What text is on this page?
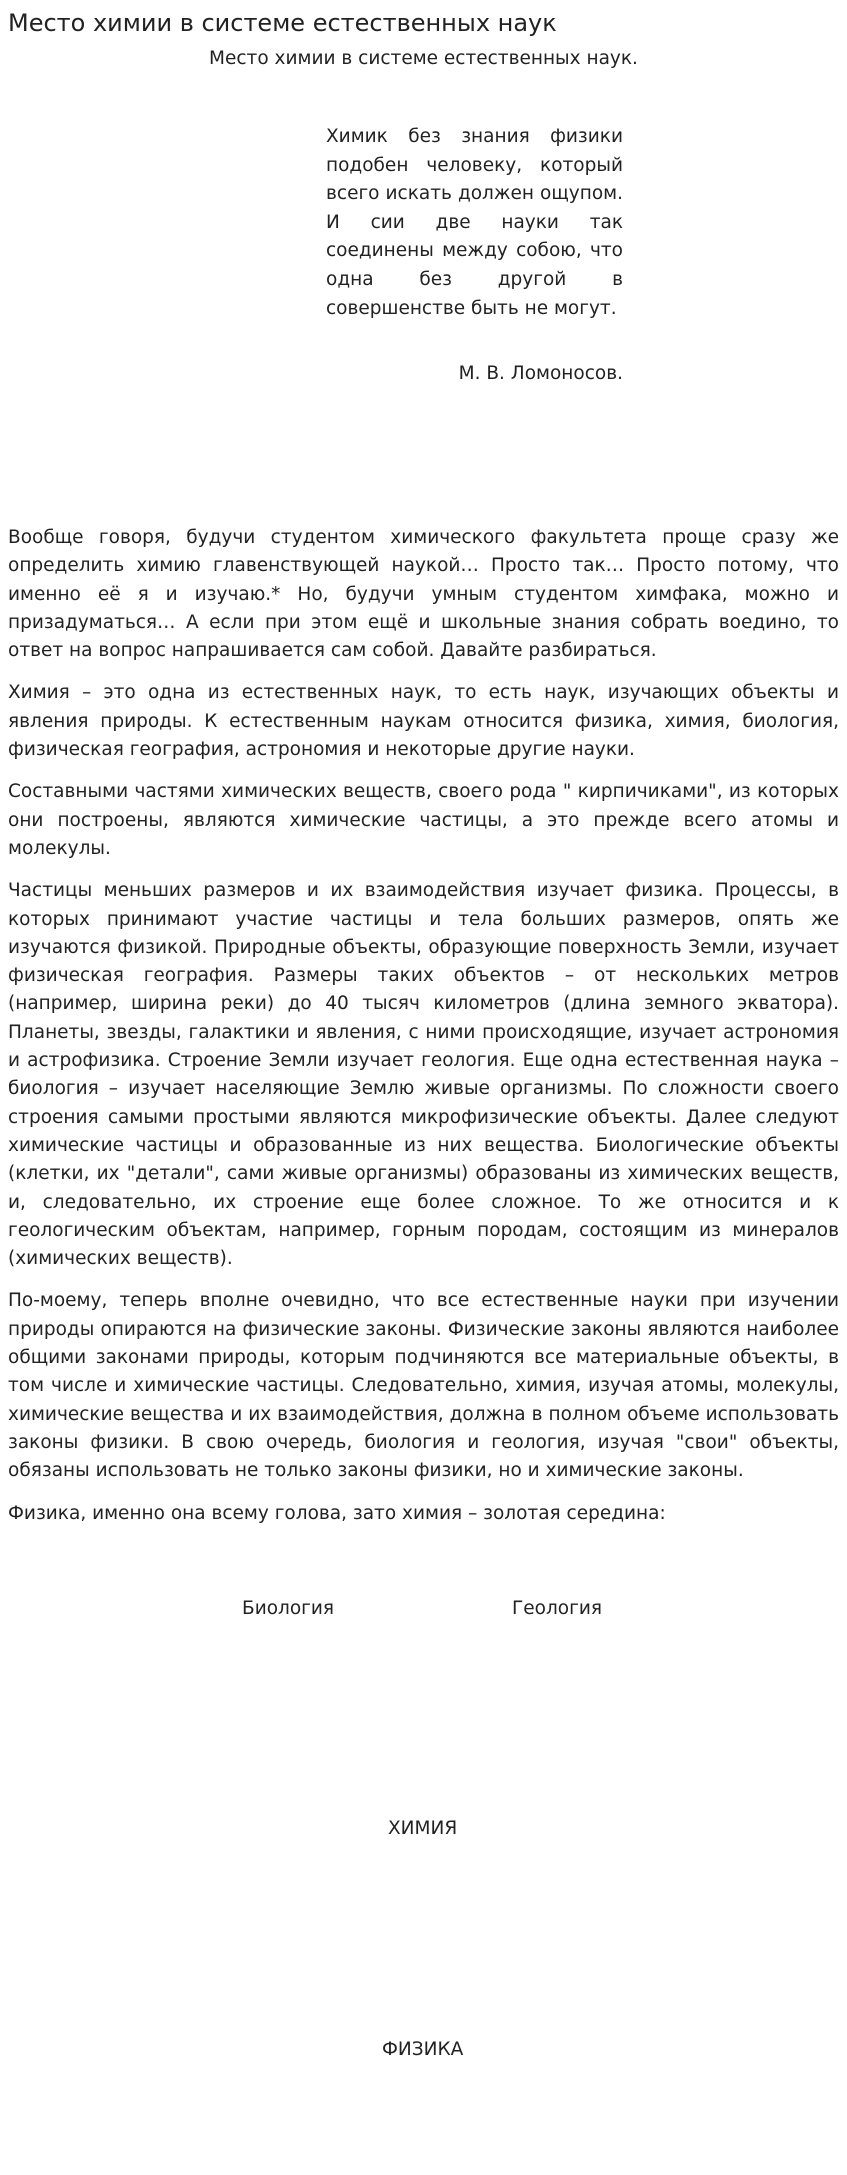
Место химии в системе естественных наук
Место химии в системе естественных наук.
Химик без знания физики подобен человеку, который всего искать должен ощупом. И сии две науки так соединены между собою, что одна без другой в совершенстве быть не могут.
М. В. Ломоносов.

Вообще говоря, будучи студентом химического факультета проще сразу же определить химию главенствующей наукой… Просто так… Просто потому, что именно её я и изучаю.* Но, будучи умным студентом химфака, можно и призадуматься… А если при этом ещё и школьные знания собрать воедино, то ответ на вопрос напрашивается сам собой. Давайте разбираться.

Химия – это одна из естественных наук, то есть наук, изучающих объекты и явления природы. К естественным наукам относится физика, химия, биология, физическая география, астрономия и некоторые другие науки.

Составными частями химических веществ, своего рода " кирпичиками", из которых они построены, являются химические частицы, а это прежде всего атомы и молекулы.

Частицы меньших размеров и их взаимодействия изучает физика. Процессы, в которых принимают участие частицы и тела больших размеров, опять же изучаются физикой. Природные объекты, образующие поверхность Земли, изучает физическая география. Размеры таких объектов – от нескольких метров (например, ширина реки) до 40 тысяч километров (длина земного экватора). Планеты, звезды, галактики и явления, с ними происходящие, изучает астрономия и астрофизика. Строение Земли изучает геология. Еще одна естественная наука – биология – изучает населяющие Землю живые организмы. По сложности своего строения самыми простыми являются микрофизические объекты. Далее следуют химические частицы и образованные из них вещества. Биологические объекты (клетки, их "детали", сами живые организмы) образованы из химических веществ, и, следовательно, их строение еще более сложное. То же относится и к геологическим объектам, например, горным породам, состоящим из минералов (химических веществ).

По-моему, теперь вполне очевидно, что все естественные науки при изучении природы опираются на физические законы. Физические законы являются наиболее общими законами природы, которым подчиняются все материальные объекты, в том числе и химические частицы. Следовательно, химия, изучая атомы, молекулы, химические вещества и их взаимодействия, должна в полном объеме использовать законы физики. В свою очередь, биология и геология, изучая "свои" объекты, обязаны использовать не только законы физики, но и химические законы.

Физика, именно она всему голова, зато химия – золотая середина:

Биология	Геология
ХИМИЯ
ФИЗИКА
